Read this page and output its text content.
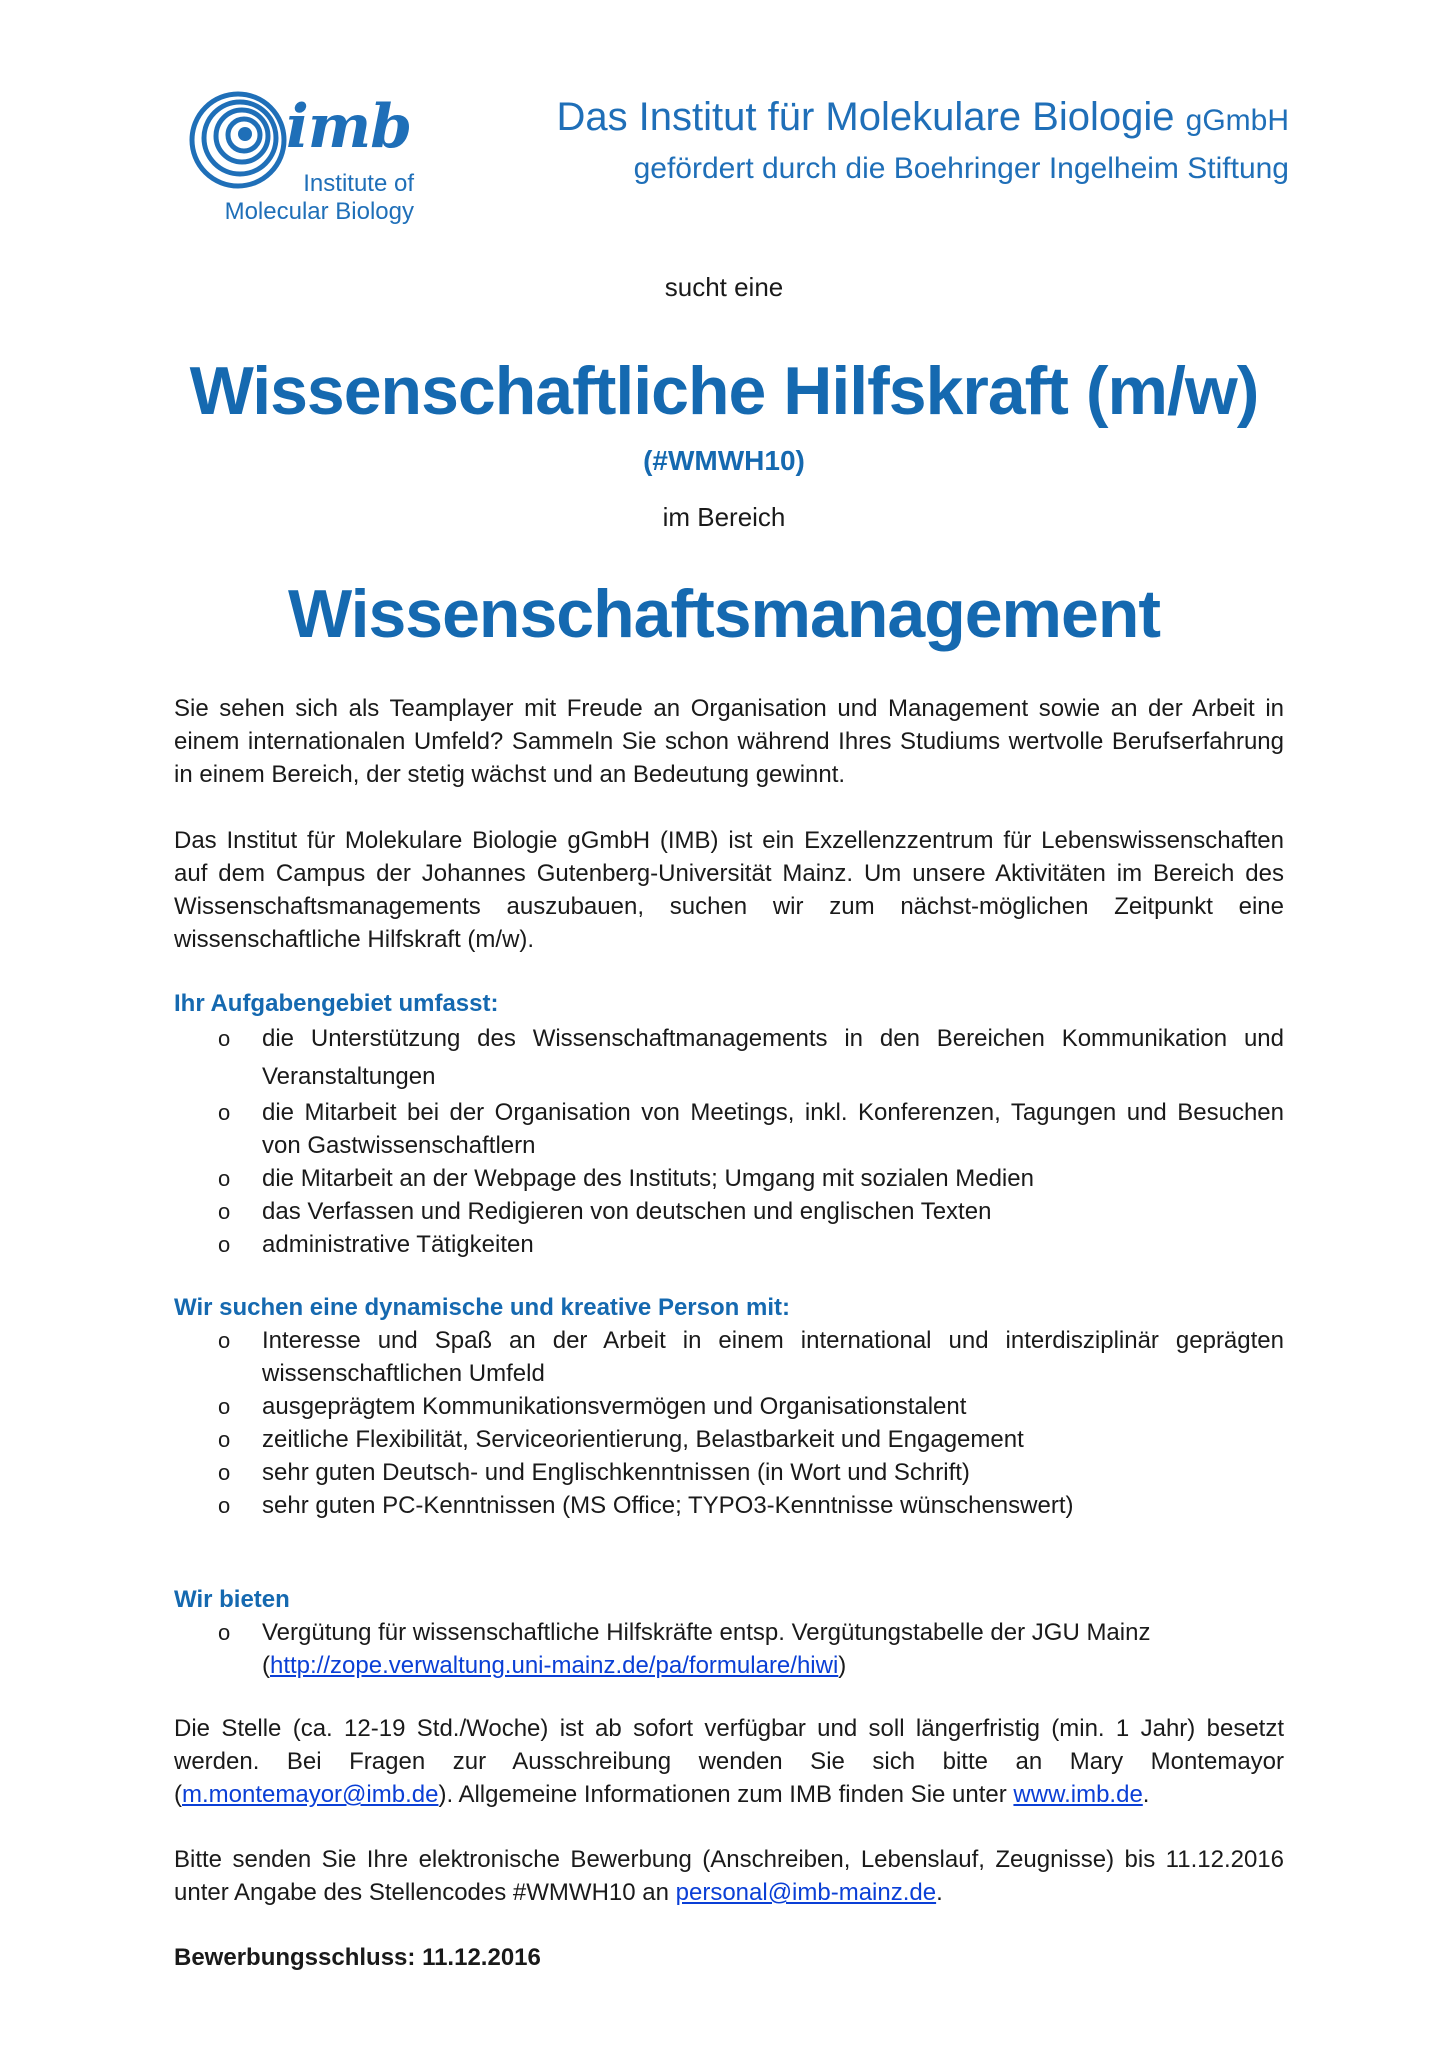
imb
Institute of
Molecular Biology
Das Institut für Molekulare Biologie gGmbH
gefördert durch die Boehringer Ingelheim Stiftung
sucht eine
Wissenschaftliche Hilfskraft (m/w)
(#WMWH10)
im Bereich
Wissenschaftsmanagement

Sie sehen sich als Teamplayer mit Freude an Organisation und Management sowie an der Arbeit in einem internationalen Umfeld? Sammeln Sie schon während Ihres Studiums wertvolle Berufserfahrung in einem Bereich, der stetig wächst und an Bedeutung gewinnt.

Das Institut für Molekulare Biologie gGmbH (IMB) ist ein Exzellenzzentrum für Lebenswissenschaften auf dem Campus der Johannes Gutenberg-Universität Mainz. Um unsere Aktivitäten im Bereich des Wissenschaftsmanagements auszubauen, suchen wir zum nächst-möglichen Zeitpunkt eine wissenschaftliche Hilfskraft (m/w).

Ihr Aufgabengebiet umfasst:
o die Unterstützung des Wissenschaftmanagements in den Bereichen Kommunikation und Veranstaltungen
o die Mitarbeit bei der Organisation von Meetings, inkl. Konferenzen, Tagungen und Besuchen von Gastwissenschaftlern
o die Mitarbeit an der Webpage des Instituts; Umgang mit sozialen Medien
o das Verfassen und Redigieren von deutschen und englischen Texten
o administrative Tätigkeiten
Wir suchen eine dynamische und kreative Person mit:
o Interesse und Spaß an der Arbeit in einem international und interdisziplinär geprägten wissenschaftlichen Umfeld
o ausgeprägtem Kommunikationsvermögen und Organisationstalent
o zeitliche Flexibilität, Serviceorientierung, Belastbarkeit und Engagement
o sehr guten Deutsch- und Englischkenntnissen (in Wort und Schrift)
o sehr guten PC-Kenntnissen (MS Office; TYPO3-Kenntnisse wünschenswert)
Wir bieten
o Vergütung für wissenschaftliche Hilfskräfte entsp. Vergütungstabelle der JGU Mainz
(http://zope.verwaltung.uni-mainz.de/pa/formulare/hiwi)

Die Stelle (ca. 12-19 Std./Woche) ist ab sofort verfügbar und soll längerfristig (min. 1 Jahr) besetzt werden. Bei Fragen zur Ausschreibung wenden Sie sich bitte an Mary Montemayor (m.montemayor@imb.de). Allgemeine Informationen zum IMB finden Sie unter www.imb.de.

Bitte senden Sie Ihre elektronische Bewerbung (Anschreiben, Lebenslauf, Zeugnisse) bis 11.12.2016 unter Angabe des Stellencodes #WMWH10 an personal@imb-mainz.de.

Bewerbungsschluss: 11.12.2016
